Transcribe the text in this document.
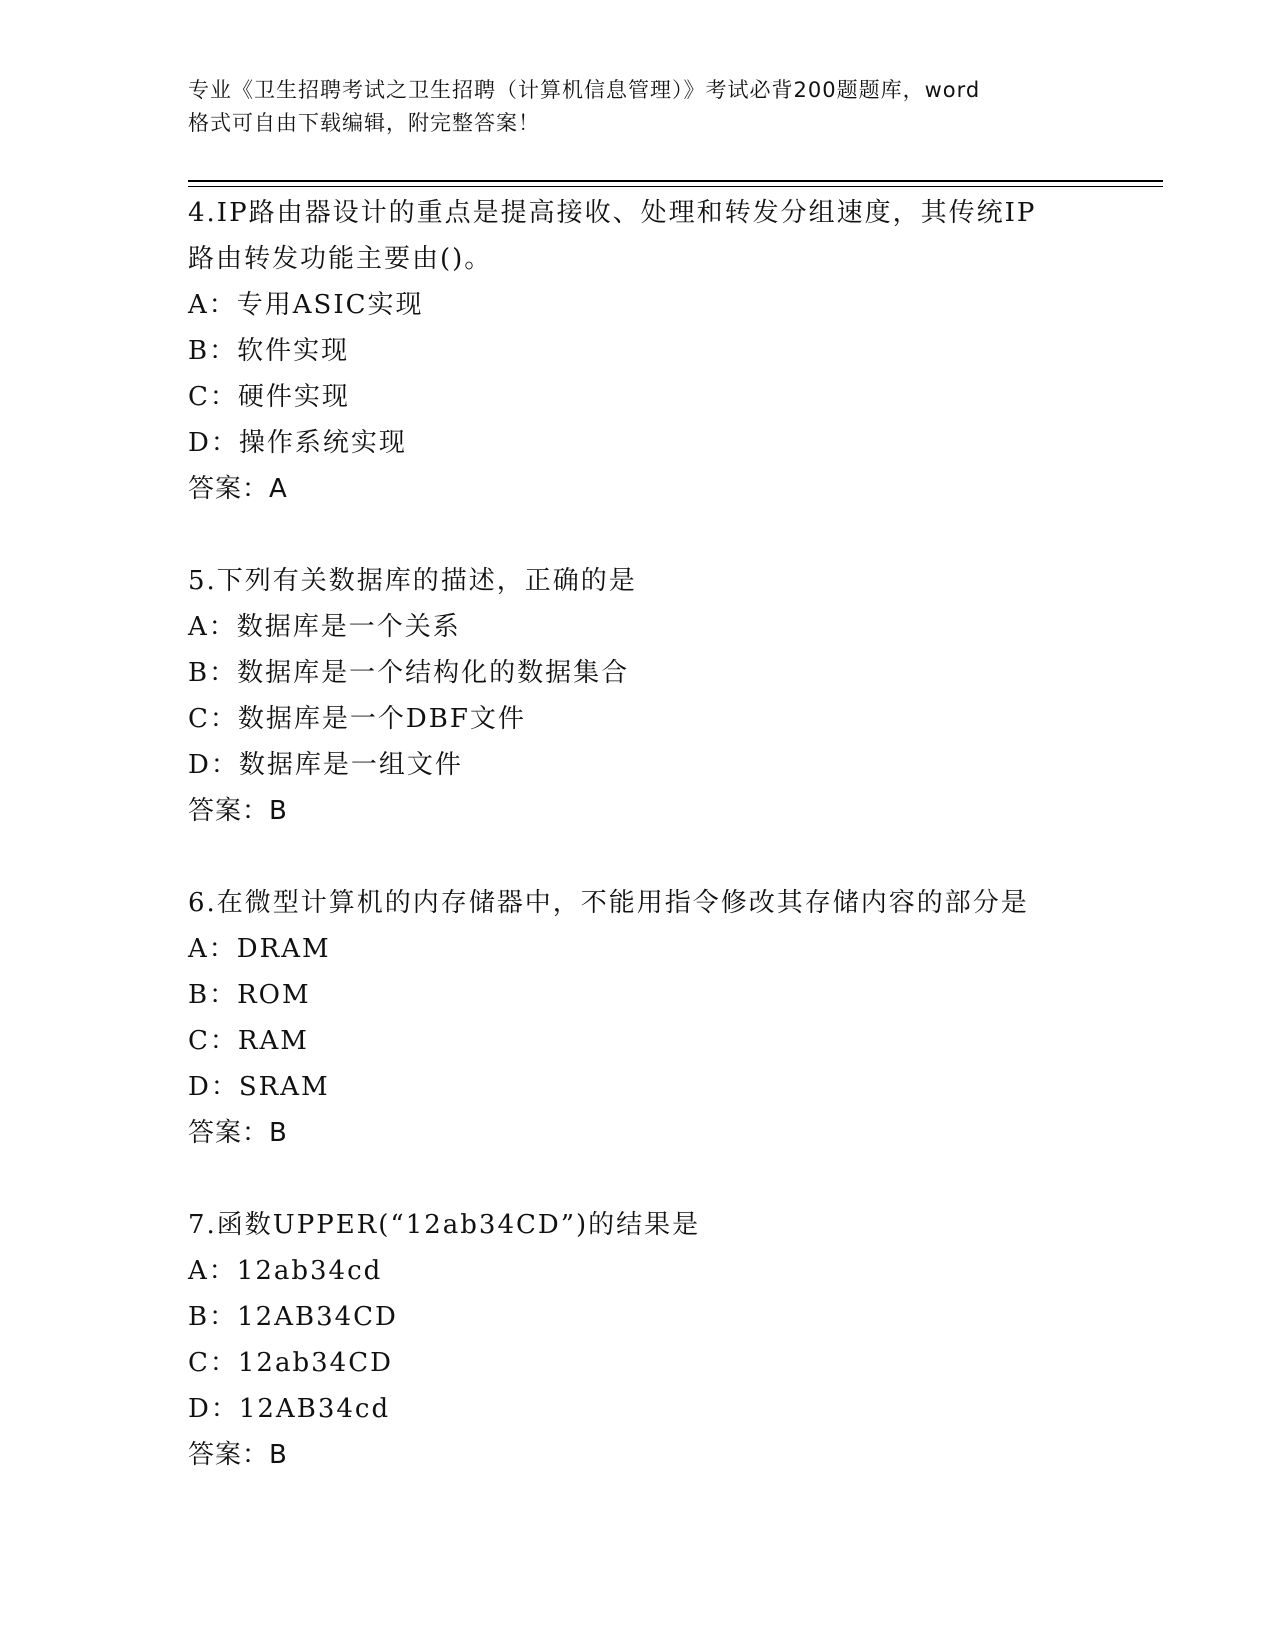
专业《卫生招聘考试之卫生招聘（计算机信息管理）》考试必背200题题库，word
格式可自由下载编辑，附完整答案！
4.IP路由器设计的重点是提高接收、处理和转发分组速度，其传统IP
路由转发功能主要由()。
A：专用ASIC实现
B：软件实现
C：硬件实现
D：操作系统实现
答案：A
5.下列有关数据库的描述，正确的是
A：数据库是一个关系
B：数据库是一个结构化的数据集合
C：数据库是一个DBF文件
D：数据库是一组文件
答案：B
6.在微型计算机的内存储器中，不能用指令修改其存储内容的部分是
A：DRAM
B：ROM
C：RAM
D：SRAM
答案：B
7.函数UPPER(“12ab34CD”)的结果是
A：12ab34cd
B：12AB34CD
C：12ab34CD
D：12AB34cd
答案：B
